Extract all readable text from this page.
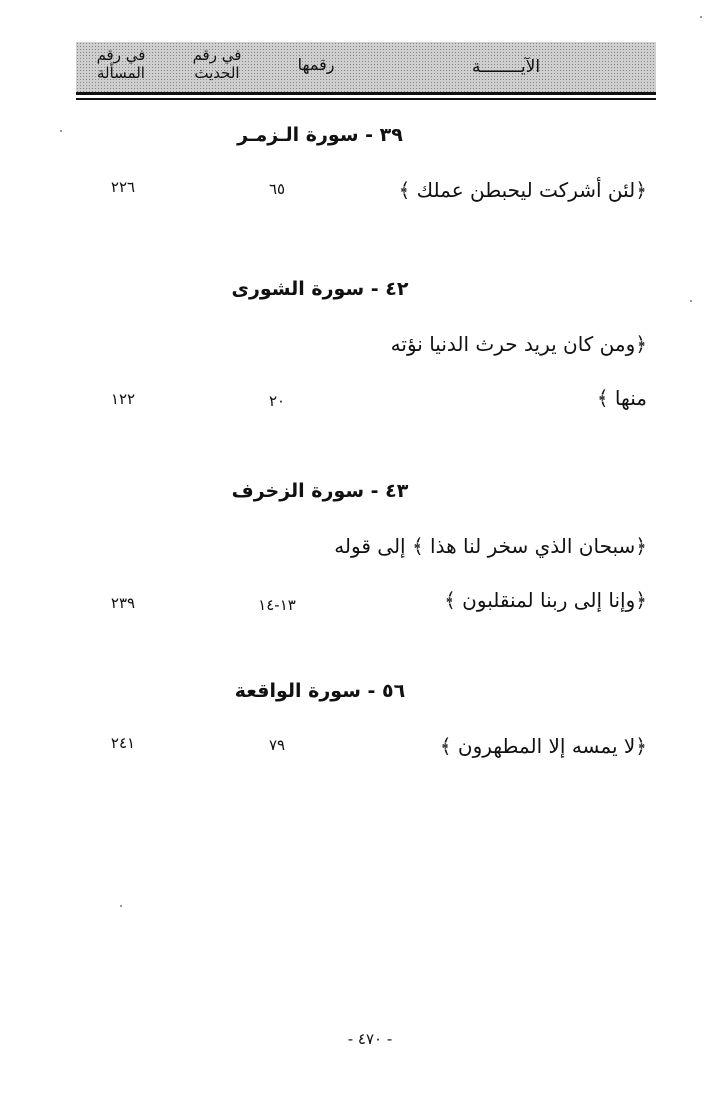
الآيــــــــة
رقمها
في رقم
الحديث
في رقم
المسألة
٣٩ - سورة الـزمـر
﴿لئن أشركت ليحبطن عملك ﴾
٦٥
٢٢٦
٤٢ - سورة الشورى
﴿ومن كان يريد حرث الدنيا نؤته
منها ﴾
٢٠
١٢٢
٤٣ - سورة الزخرف
﴿سبحان الذي سخر لنا هذا ﴾ إلى قوله
﴿وإنا إلى ربنا لمنقلبون ﴾
١٣-١٤
٢٣٩
٥٦ - سورة الواقعة
﴿لا يمسه إلا المطهرون ﴾
٧٩
٢٤١
- ٤٧٠ -
